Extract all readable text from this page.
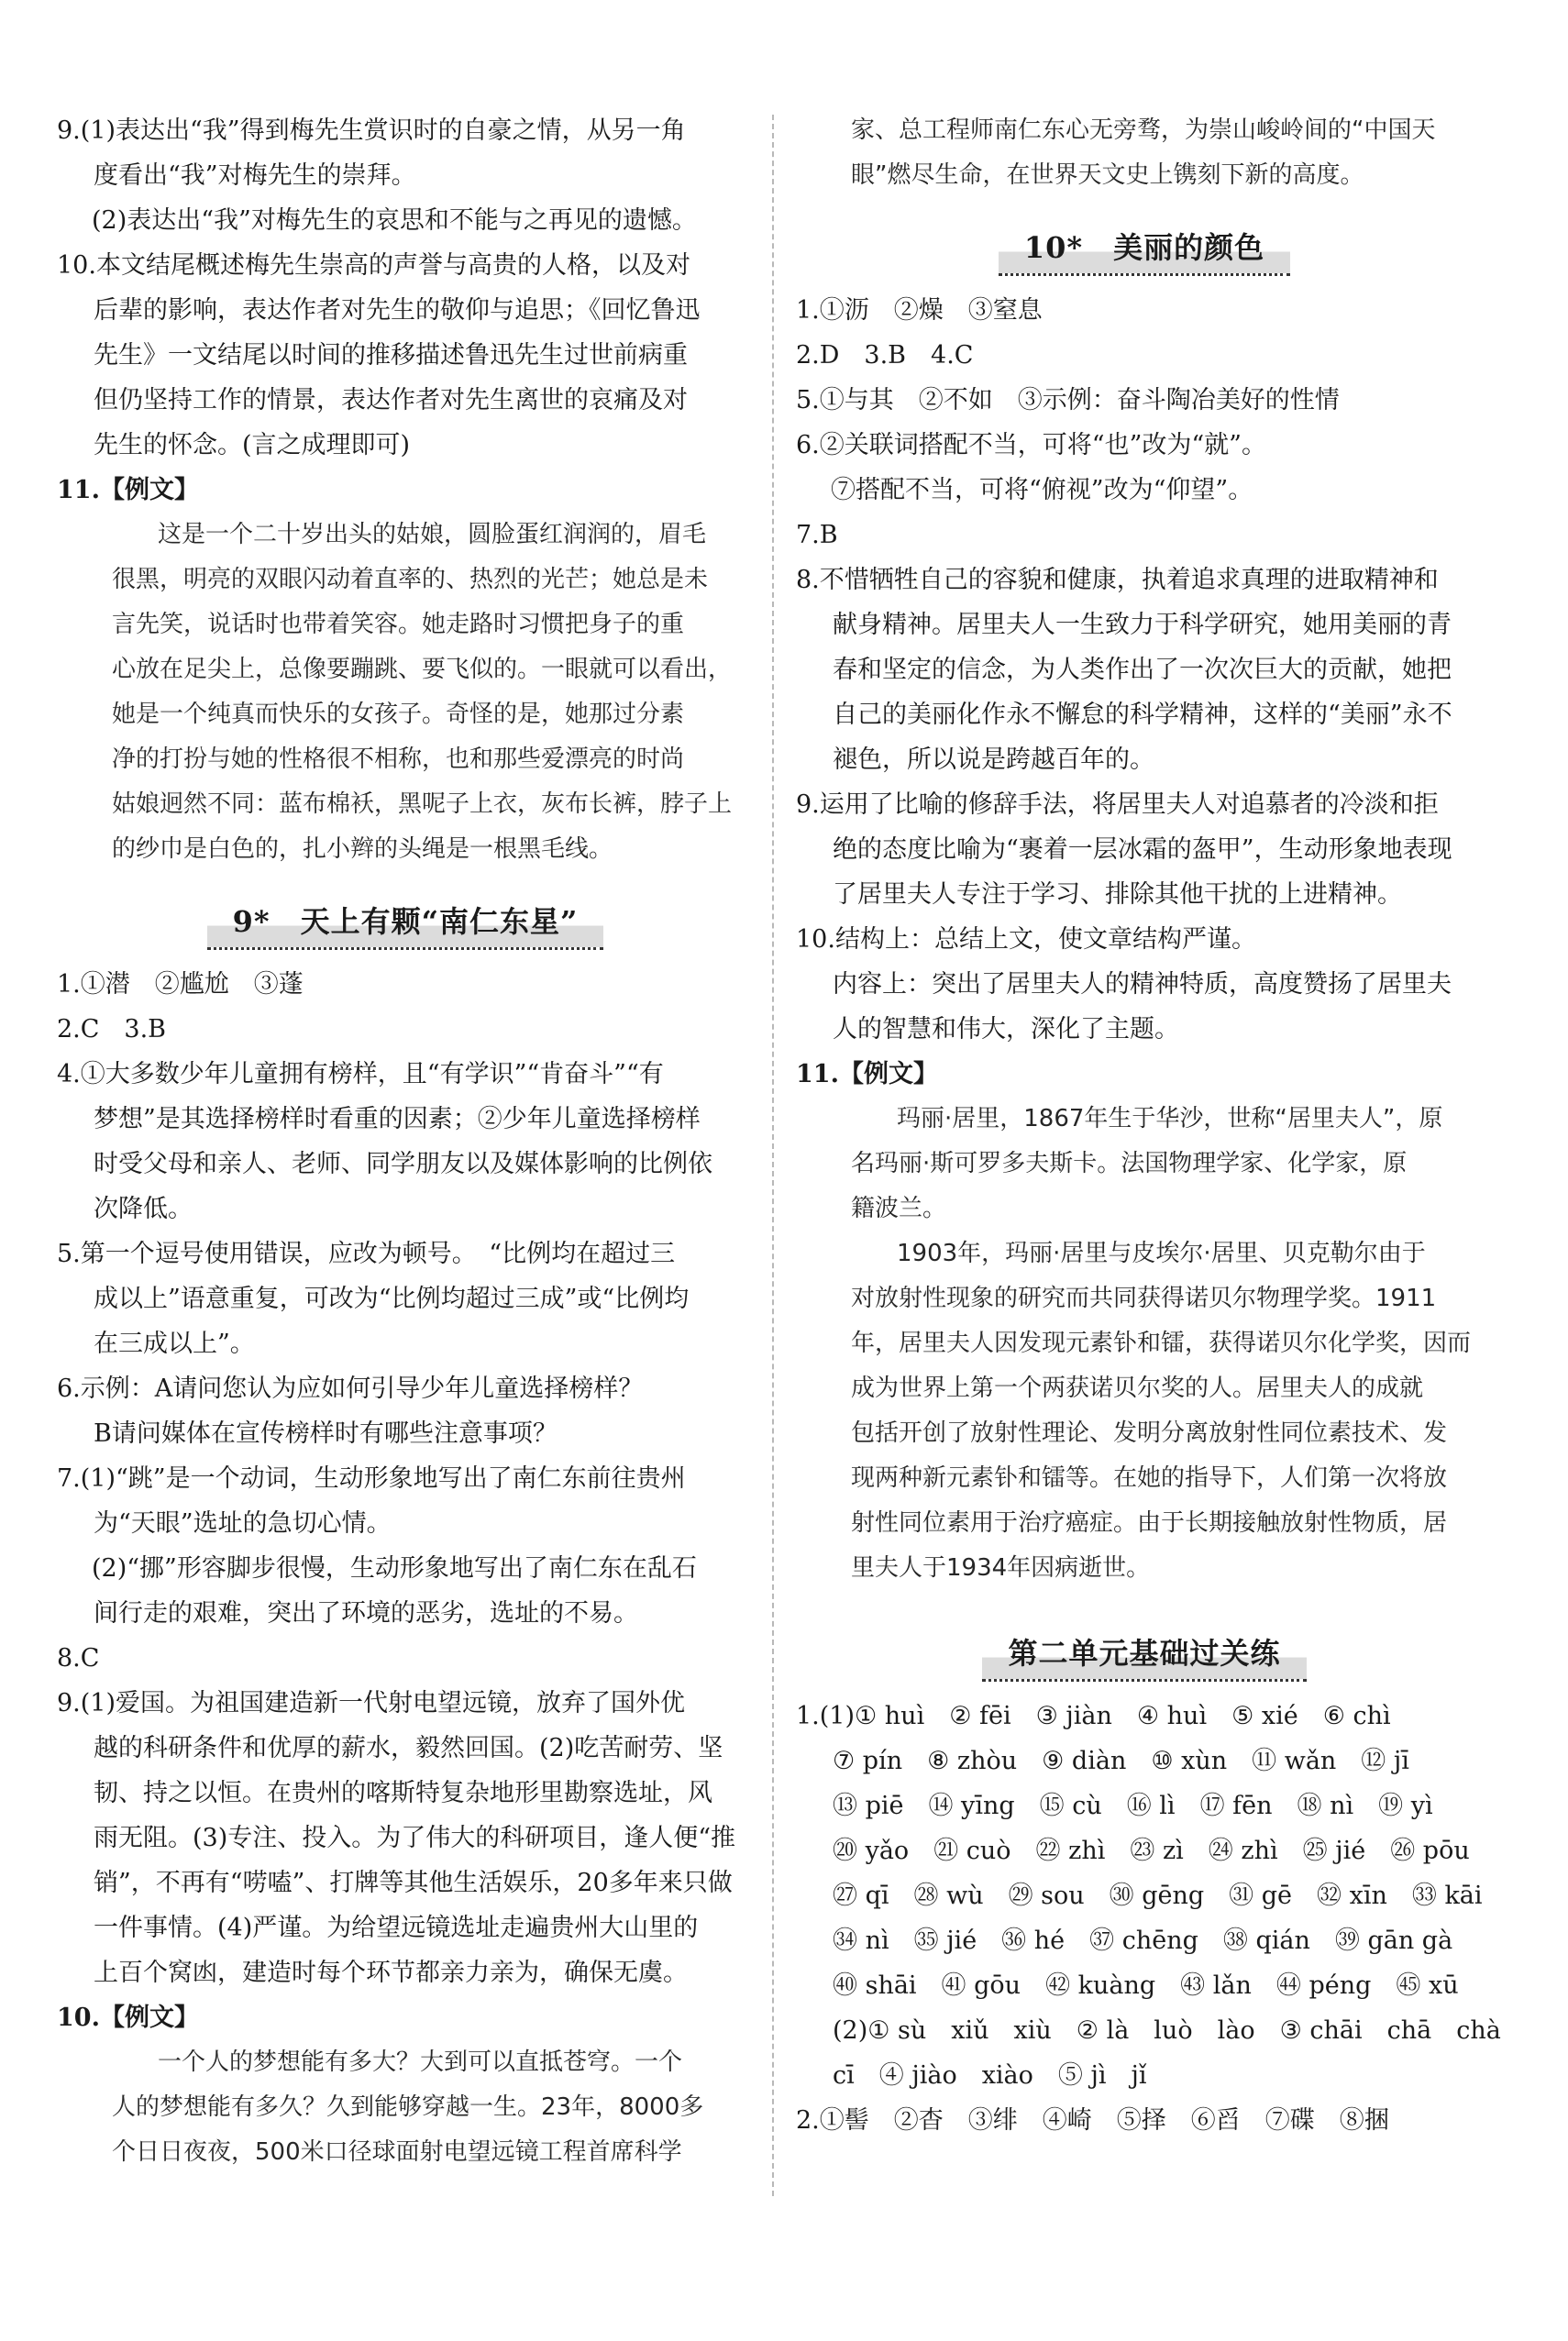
9.(1)表达出“我”得到梅先生赏识时的自豪之情，从另一角

度看出“我”对梅先生的崇拜。

(2)表达出“我”对梅先生的哀思和不能与之再见的遗憾。

10.本文结尾概述梅先生崇高的声誉与高贵的人格，以及对

后辈的影响，表达作者对先生的敬仰与追思；《回忆鲁迅

先生》一文结尾以时间的推移描述鲁迅先生过世前病重

但仍坚持工作的情景，表达作者对先生离世的哀痛及对

先生的怀念。(言之成理即可)

11.【例文】

这是一个二十岁出头的姑娘，圆脸蛋红润润的，眉毛

很黑，明亮的双眼闪动着直率的、热烈的光芒；她总是未

言先笑，说话时也带着笑容。她走路时习惯把身子的重

心放在足尖上，总像要蹦跳、要飞似的。一眼就可以看出，

她是一个纯真而快乐的女孩子。奇怪的是，她那过分素

净的打扮与她的性格很不相称，也和那些爱漂亮的时尚

姑娘迥然不同：蓝布棉袄，黑呢子上衣，灰布长裤，脖子上

的纱巾是白色的，扎小辫的头绳是一根黑毛线。

9*　天上有颗“南仁东星”

1.①潜　②尴尬　③蓬

2.C　3.B

4.①大多数少年儿童拥有榜样，且“有学识”“肯奋斗”“有

梦想”是其选择榜样时看重的因素；②少年儿童选择榜样

时受父母和亲人、老师、同学朋友以及媒体影响的比例依

次降低。

5.第一个逗号使用错误，应改为顿号。　“比例均在超过三

成以上”语意重复，可改为“比例均超过三成”或“比例均

在三成以上”。

6.示例：A请问您认为应如何引导少年儿童选择榜样？

B请问媒体在宣传榜样时有哪些注意事项？

7.(1)“跳”是一个动词，生动形象地写出了南仁东前往贵州

为“天眼”选址的急切心情。

(2)“挪”形容脚步很慢，生动形象地写出了南仁东在乱石

间行走的艰难，突出了环境的恶劣，选址的不易。

8.C

9.(1)爱国。为祖国建造新一代射电望远镜，放弃了国外优

越的科研条件和优厚的薪水，毅然回国。(2)吃苦耐劳、坚

韧、持之以恒。在贵州的喀斯特复杂地形里勘察选址，风

雨无阻。(3)专注、投入。为了伟大的科研项目，逢人便“推

销”，不再有“唠嗑”、打牌等其他生活娱乐，20多年来只做

一件事情。(4)严谨。为给望远镜选址走遍贵州大山里的

上百个窝凼，建造时每个环节都亲力亲为，确保无虞。

10.【例文】

一个人的梦想能有多大？大到可以直抵苍穹。一个

人的梦想能有多久？久到能够穿越一生。23年，8000多

个日日夜夜，500米口径球面射电望远镜工程首席科学

家、总工程师南仁东心无旁骛，为崇山峻岭间的“中国天

眼”燃尽生命，在世界天文史上镌刻下新的高度。

10*　美丽的颜色

1.①沥　②燥　③窒息

2.D　3.B　4.C

5.①与其　②不如　③示例：奋斗陶冶美好的性情

6.②关联词搭配不当，可将“也”改为“就”。

⑦搭配不当，可将“俯视”改为“仰望”。

7.B

8.不惜牺牲自己的容貌和健康，执着追求真理的进取精神和

献身精神。居里夫人一生致力于科学研究，她用美丽的青

春和坚定的信念，为人类作出了一次次巨大的贡献，她把

自己的美丽化作永不懈怠的科学精神，这样的“美丽”永不

褪色，所以说是跨越百年的。

9.运用了比喻的修辞手法，将居里夫人对追慕者的冷淡和拒

绝的态度比喻为“裹着一层冰霜的盔甲”，生动形象地表现

了居里夫人专注于学习、排除其他干扰的上进精神。

10.结构上：总结上文，使文章结构严谨。

内容上：突出了居里夫人的精神特质，高度赞扬了居里夫

人的智慧和伟大，深化了主题。

11.【例文】

玛丽·居里，1867年生于华沙，世称“居里夫人”，原

名玛丽·斯可罗多夫斯卡。法国物理学家、化学家，原

籍波兰。

1903年，玛丽·居里与皮埃尔·居里、贝克勒尔由于

对放射性现象的研究而共同获得诺贝尔物理学奖。1911

年，居里夫人因发现元素钋和镭，获得诺贝尔化学奖，因而

成为世界上第一个两获诺贝尔奖的人。居里夫人的成就

包括开创了放射性理论、发明分离放射性同位素技术、发

现两种新元素钋和镭等。在她的指导下，人们第一次将放

射性同位素用于治疗癌症。由于长期接触放射性物质，居

里夫人于1934年因病逝世。

第二单元基础过关练

1.(1)① huì　② fēi　③ jiàn　④ huì　⑤ xié　⑥ chì

⑦ pín　⑧ zhòu　⑨ diàn　⑩ xùn　⑪ wǎn　⑫ jī

⑬ piē　⑭ yīng　⑮ cù　⑯ lì　⑰ fēn　⑱ nì　⑲ yì

⑳ yǎo　㉑ cuò　㉒ zhì　㉓ zì　㉔ zhì　㉕ jié　㉖ pōu

㉗ qī　㉘ wù　㉙ sou　㉚ gēng　㉛ gē　㉜ xīn　㉝ kāi

㉞ nì　㉟ jié　㊱ hé　㊲ chēng　㊳ qián　㊴ gān gà

㊵ shāi　㊶ gōu　㊷ kuàng　㊸ lǎn　㊹ péng　㊺ xū

(2)① sù　xiǔ　xiù　② là　luò　lào　③ chāi　chā　chà

cī　④ jiào　xiào　⑤ jì　jǐ

2.①髻　②杳　③绯　④崎　⑤择　⑥舀　⑦碟　⑧捆
